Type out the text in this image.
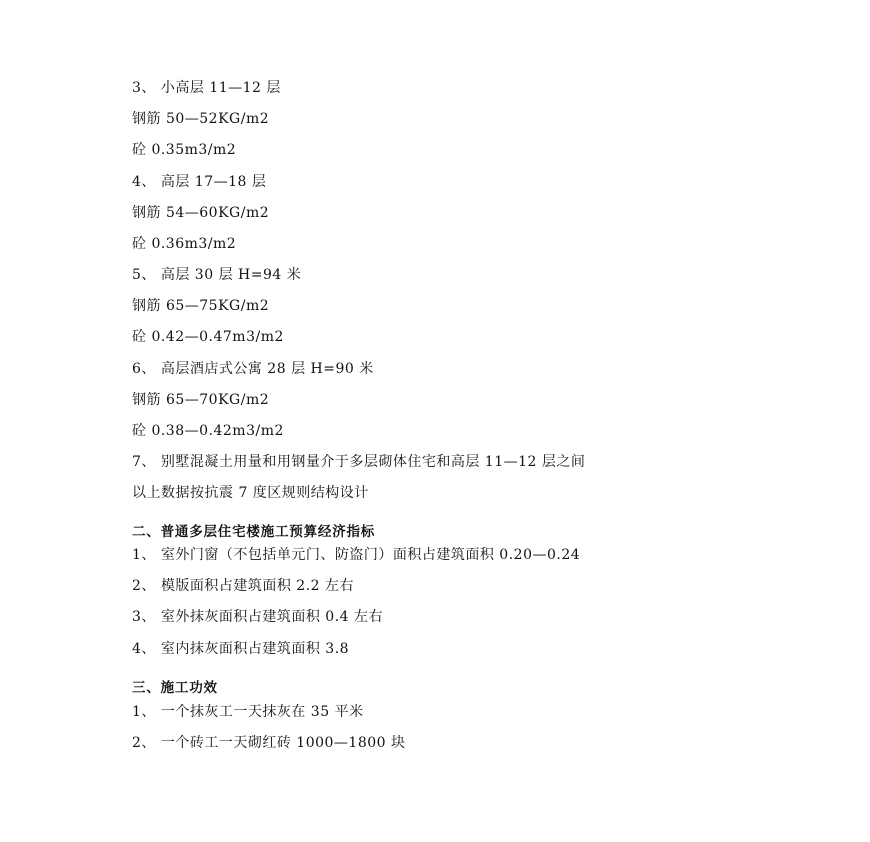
3、 小高层 11—12 层
钢筋 50—52KG/m2
砼 0.35m3/m2
4、 高层 17—18 层
钢筋 54—60KG/m2
砼 0.36m3/m2
5、 高层 30 层 H=94 米
钢筋 65—75KG/m2
砼 0.42—0.47m3/m2
6、 高层酒店式公寓 28 层 H=90 米
钢筋 65—70KG/m2
砼 0.38—0.42m3/m2
7、 别墅混凝土用量和用钢量介于多层砌体住宅和高层 11—12 层之间
以上数据按抗震 7 度区规则结构设计
二、普通多层住宅楼施工预算经济指标
1、 室外门窗（不包括单元门、防盗门）面积占建筑面积 0.20—0.24
2、 模版面积占建筑面积 2.2 左右
3、 室外抹灰面积占建筑面积 0.4 左右
4、 室内抹灰面积占建筑面积 3.8
三、施工功效
1、 一个抹灰工一天抹灰在 35 平米
2、 一个砖工一天砌红砖 1000—1800 块
